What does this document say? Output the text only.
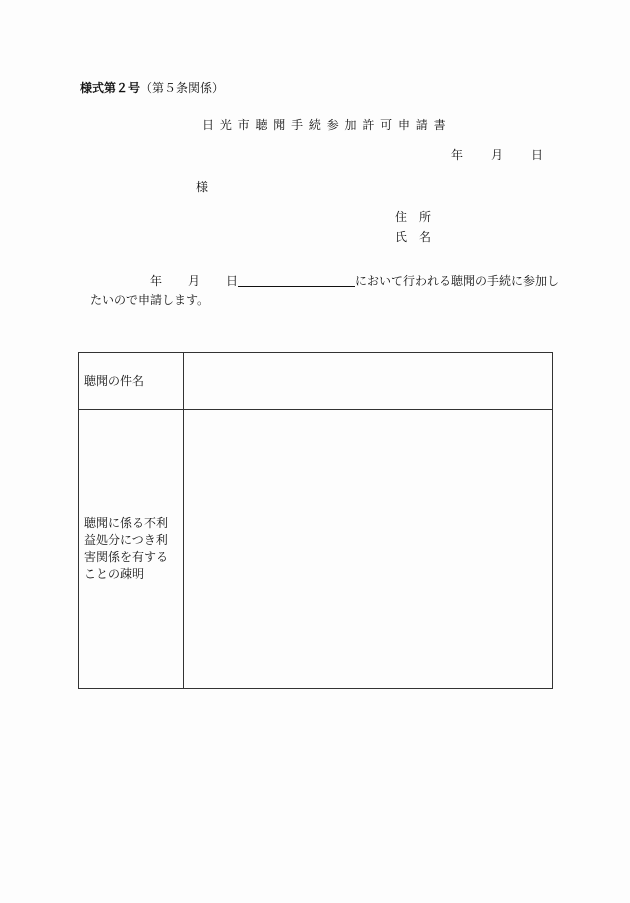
様式第２号（第５条関係）
日 光 市 聴 聞 手 続 参 加 許 可 申 請 書
年 月 日
様
住　所
氏　名
年 月 日	において行われる聴聞の手続に参加し
たいので申請します。
聴聞の件名	

聴聞に係る不利益処分につき利害関係を有することの疎明	
